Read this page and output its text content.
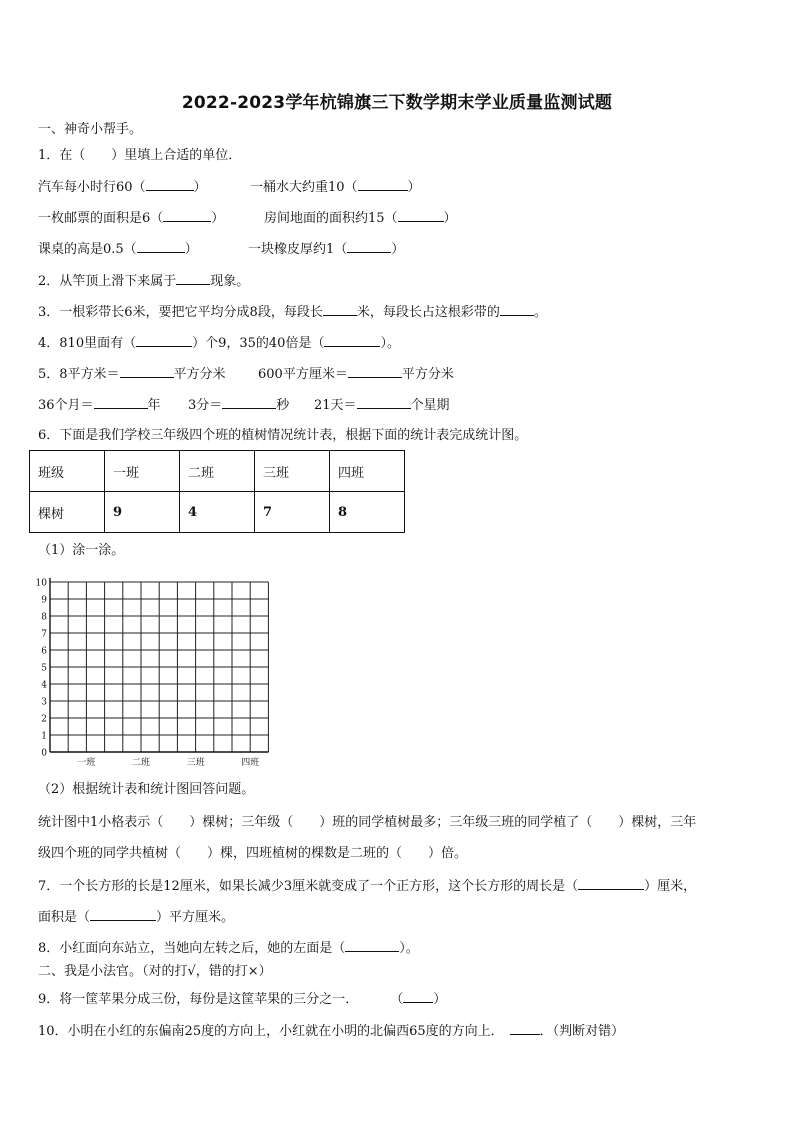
2022-2023学年杭锦旗三下数学期末学业质量监测试题
一、神奇小帮手。
1．在（　　）里填上合适的单位．
汽车每小时行60（	）	一桶水大约重10（	）
一枚邮票的面积是6（	）	房间地面的面积约15（	）
课桌的高是0.5（	）	一块橡皮厚约1（	）
2．从竿顶上滑下来属于	现象。
3．一根彩带长6米，要把它平均分成8段，每段长	米，每段长占这根彩带的	。
4．810里面有（	）个9，35的40倍是（	）。
5．8平方米＝	平方分米 600平方厘米＝	平方分米
36个月＝	年 3分＝	秒 21天＝	个星期
6．下面是我们学校三年级四个班的植树情况统计表，根据下面的统计表完成统计图。
班级	一班	二班	三班	四班
棵树	9	4	7	8
（1）涂一涂。
0
1
2
3
4
5
6
7
8
9
10
一班	二班	三班	四班
（2）根据统计表和统计图回答问题。
统计图中1小格表示（　　）棵树；三年级（　　）班的同学植树最多；三年级三班的同学植了（　　）棵树，三年
级四个班的同学共植树（　　）棵，四班植树的棵数是二班的（　　）倍。
7．一个长方形的长是12厘米，如果长减少3厘米就变成了一个正方形，这个长方形的周长是（	）厘米，
面积是（	）平方厘米。
8．小红面向东站立，当她向左转之后，她的左面是（	）。
二、我是小法官。（对的打√，错的打×）
9．将一筐苹果分成三份，每份是这筐苹果的三分之一． （ ）
10．小明在小红的东偏南25度的方向上，小红就在小明的北偏西65度的方向上．	．（判断对错）
